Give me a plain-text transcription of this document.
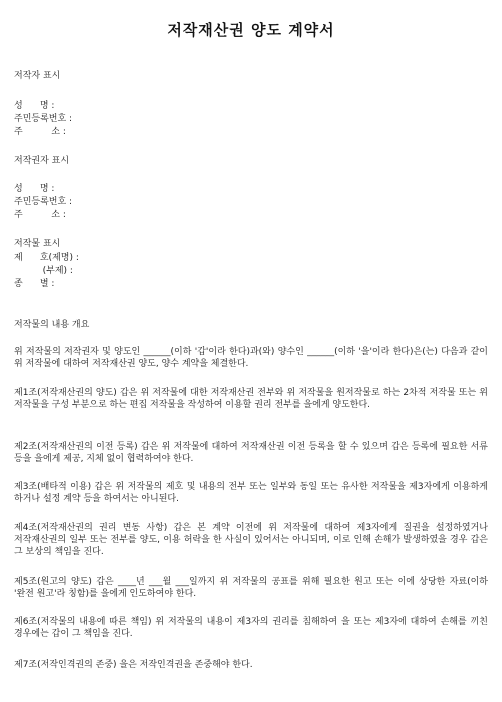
저작재산권 양도 계약서
저작자 표시
성      명 :
주민등록번호 :
주          소 :
저작권자 표시
성      명 :
주민등록번호 :
주          소 :
저작물 표시
제      호(제명) :
(부제) :
종      별 :
저작물의 내용 개요
위 저작물의 저작권자 및 양도인 ______(이하 '갑'이라 한다)과(와) 양수인 ______(이하 '을'이라 한다)은(는) 다음과 같이 위 저작물에 대하여 저작재산권 양도, 양수 계약을 체결한다.
제1조(저작재산권의 양도) 갑은 위 저작물에 대한 저작재산권 전부와 위 저작물을 원저작물로 하는 2차적 저작물 또는 위 저작물을 구성 부분으로 하는 편집 저작물을 작성하여 이용할 권리 전부를 을에게 양도한다.
제2조(저작재산권의 이전 등록) 갑은 위 저작물에 대하여 저작재산권 이전 등록을 할 수 있으며 갑은 등록에 필요한 서류 등을 을에게 제공, 지체 없이 협력하여야 한다.
제3조(배타적 이용) 갑은 위 저작물의 제호 및 내용의 전부 또는 일부와 동일 또는 유사한 저작물을 제3자에게 이용하게 하거나 설정 계약 등을 하여서는 아니된다.
제4조(저작재산권의 권리 변동 사항) 갑은 본 계약 이전에 위 저작물에 대하여 제3자에게 질권을 설정하였거나 저작재산권의 일부 또는 전부를 양도, 이용 허락을 한 사실이 있어서는 아니되며, 이로 인해 손해가 발생하였을 경우 갑은 그 보상의 책임을 진다.
제5조(원고의 양도) 갑은 ____년 ___월 ___일까지 위 저작물의 공표를 위해 필요한 원고 또는 이에 상당한 자료(이하 '완전 원고'라 칭함)를 을에게 인도하여야 한다.
제6조(저작물의 내용에 따른 책임) 위 저작물의 내용이 제3자의 권리를 침해하여 을 또는 제3자에 대하여 손해를 끼친 경우에는 갑이 그 책임을 진다.
제7조(저작인격권의 존중) 을은 저작인격권을 존중해야 한다.
